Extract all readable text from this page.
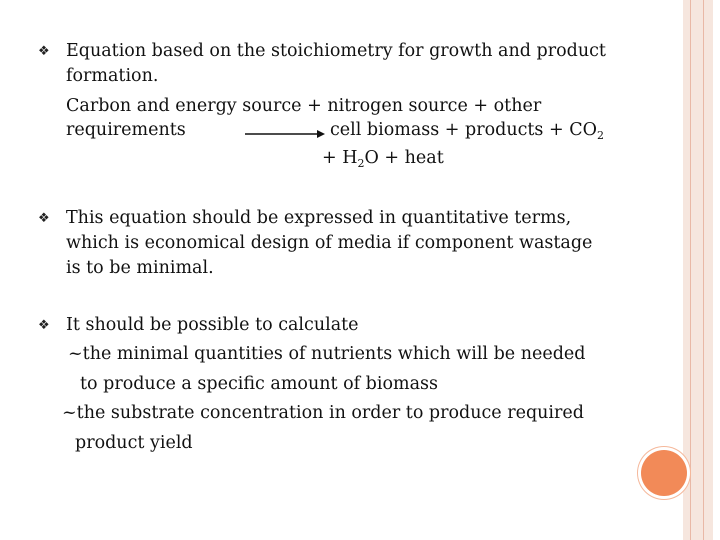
❖ Equation based on the stoichiometry for growth and product
formation.
Carbon and energy source + nitrogen source + other
requirements	cell biomass + products + $CO_2$
+ $H_2O$ + heat
❖ This equation should be expressed in quantitative terms,
which is economical design of media if component wastage
is to be minimal.
❖ It should be possible to calculate
~the minimal quantities of nutrients which will be needed
to produce a specific amount of biomass
~the substrate concentration in order to produce required
product yield
